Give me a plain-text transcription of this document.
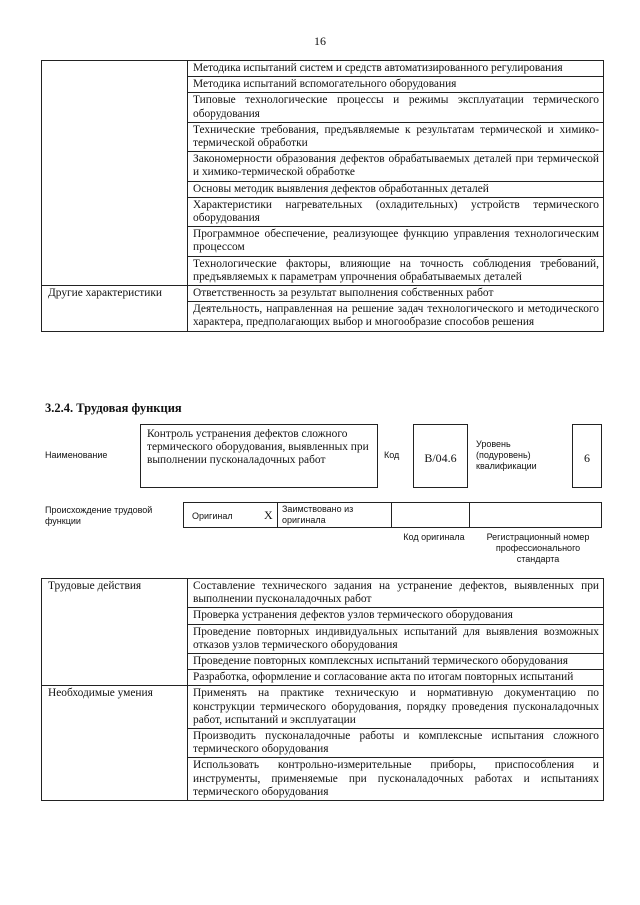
16
	Методика испытаний систем и средств автоматизированного регулирования
	Методика испытаний вспомогательного оборудования
	Типовые технологические процессы и режимы эксплуатации термического оборудования
	Технические требования, предъявляемые к результатам термической и химико-термической обработки
	Закономерности образования дефектов обрабатываемых деталей при термической и химико-термической обработке
	Основы методик выявления дефектов обработанных деталей
	Характеристики нагревательных (охладительных) устройств термического оборудования
	Программное обеспечение, реализующее функцию управления технологическим процессом
	Технологические факторы, влияющие на точность соблюдения требований, предъявляемых к параметрам упрочнения обрабатываемых деталей
Другие характеристики	Ответственность за результат выполнения собственных работ
	Деятельность, направленная на решение задач технологического и методического характера, предполагающих выбор и многообразие способов решения
3.2.4. Трудовая функция
Наименование
Контроль устранения дефектов сложного термического оборудования, выявленных при выполнении пусконаладочных работ	Код	B/04.6
Уровень (подуровень) квалификации
6
Происхождение трудовой функции	Оригинал	X	Заимствовано из оригинала
Код оригинала	Регистрационный номер профессионального стандарта
Трудовые действия	Составление технического задания на устранение дефектов, выявленных при выполнении пусконаладочных работ
	Проверка устранения дефектов узлов термического оборудования
	Проведение повторных индивидуальных испытаний для выявления возможных отказов узлов термического оборудования
	Проведение повторных комплексных испытаний термического оборудования
	Разработка, оформление и согласование акта по итогам повторных испытаний
Необходимые умения	Применять на практике техническую и нормативную документацию по конструкции термического оборудования, порядку проведения пусконаладочных работ, испытаний и эксплуатации
	Производить пусконаладочные работы и комплексные испытания сложного термического оборудования
	Использовать контрольно-измерительные приборы, приспособления и инструменты, применяемые при пусконаладочных работах и испытаниях термического оборудования
